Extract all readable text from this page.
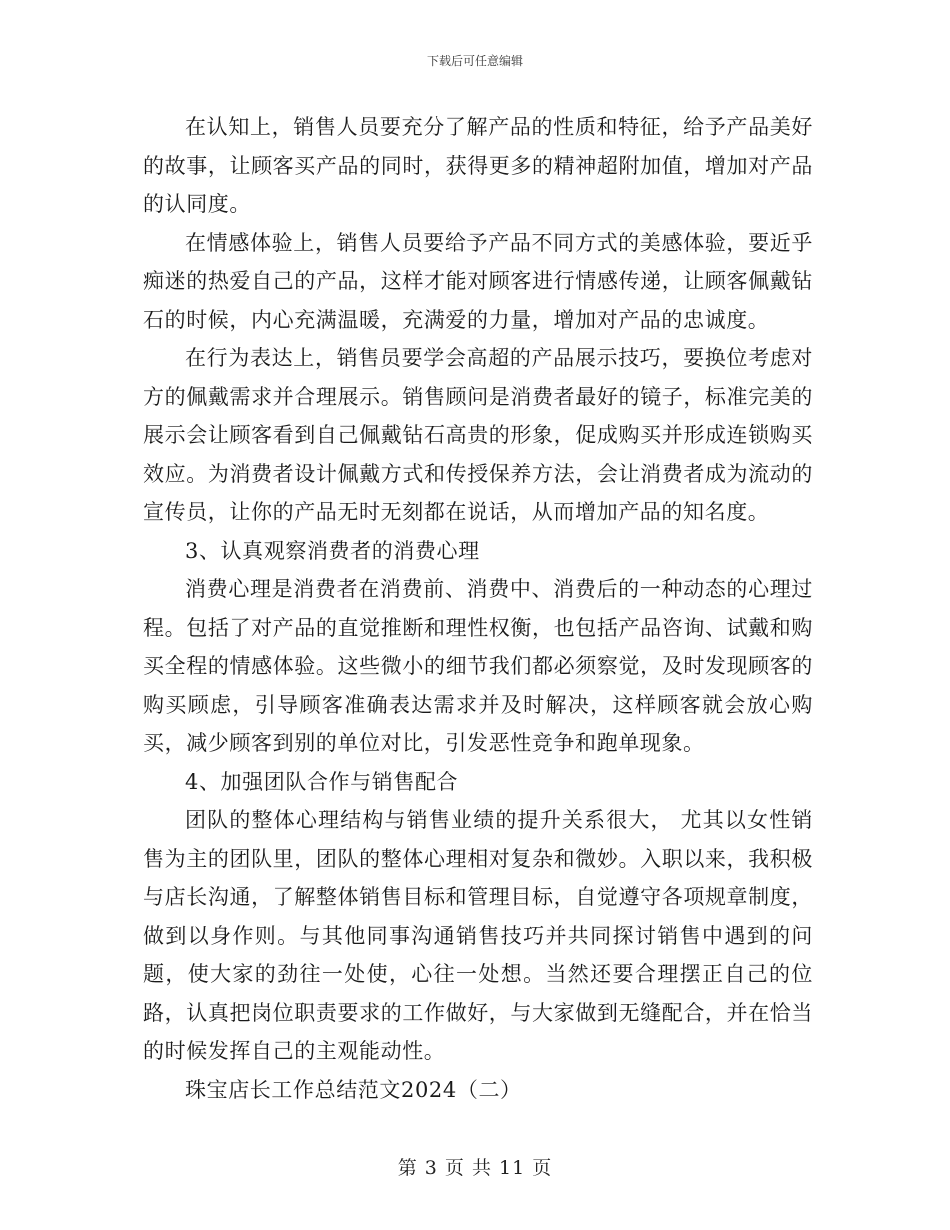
下载后可任意编辑

在认知上，销售人员要充分了解产品的性质和特征，给予产品美好的故事，让顾客买产品的同时，获得更多的精神超附加值，增加对产品的认同度。

在情感体验上，销售人员要给予产品不同方式的美感体验，要近乎痴迷的热爱自己的产品，这样才能对顾客进行情感传递，让顾客佩戴钻石的时候，内心充满温暖，充满爱的力量，增加对产品的忠诚度。

在行为表达上，销售员要学会高超的产品展示技巧，要换位考虑对方的佩戴需求并合理展示。销售顾问是消费者最好的镜子，标准完美的展示会让顾客看到自己佩戴钻石高贵的形象，促成购买并形成连锁购买效应。为消费者设计佩戴方式和传授保养方法，会让消费者成为流动的宣传员，让你的产品无时无刻都在说话，从而增加产品的知名度。

3、认真观察消费者的消费心理

消费心理是消费者在消费前、消费中、消费后的一种动态的心理过程。包括了对产品的直觉推断和理性权衡，也包括产品咨询、试戴和购买全程的情感体验。这些微小的细节我们都必须察觉，及时发现顾客的购买顾虑，引导顾客准确表达需求并及时解决，这样顾客就会放心购买，减少顾客到别的单位对比，引发恶性竞争和跑单现象。

4、加强团队合作与销售配合

团队的整体心理结构与销售业绩的提升关系很大， 尤其以女性销售为主的团队里，团队的整体心理相对复杂和微妙。入职以来，我积极与店长沟通，了解整体销售目标和管理目标，自觉遵守各项规章制度，做到以身作则。与其他同事沟通销售技巧并共同探讨销售中遇到的问题，使大家的劲往一处使，心往一处想。当然还要合理摆正自己的位路，认真把岗位职责要求的工作做好，与大家做到无缝配合，并在恰当的时候发挥自己的主观能动性。

珠宝店长工作总结范文2024（二）

第 3 页 共 11 页
